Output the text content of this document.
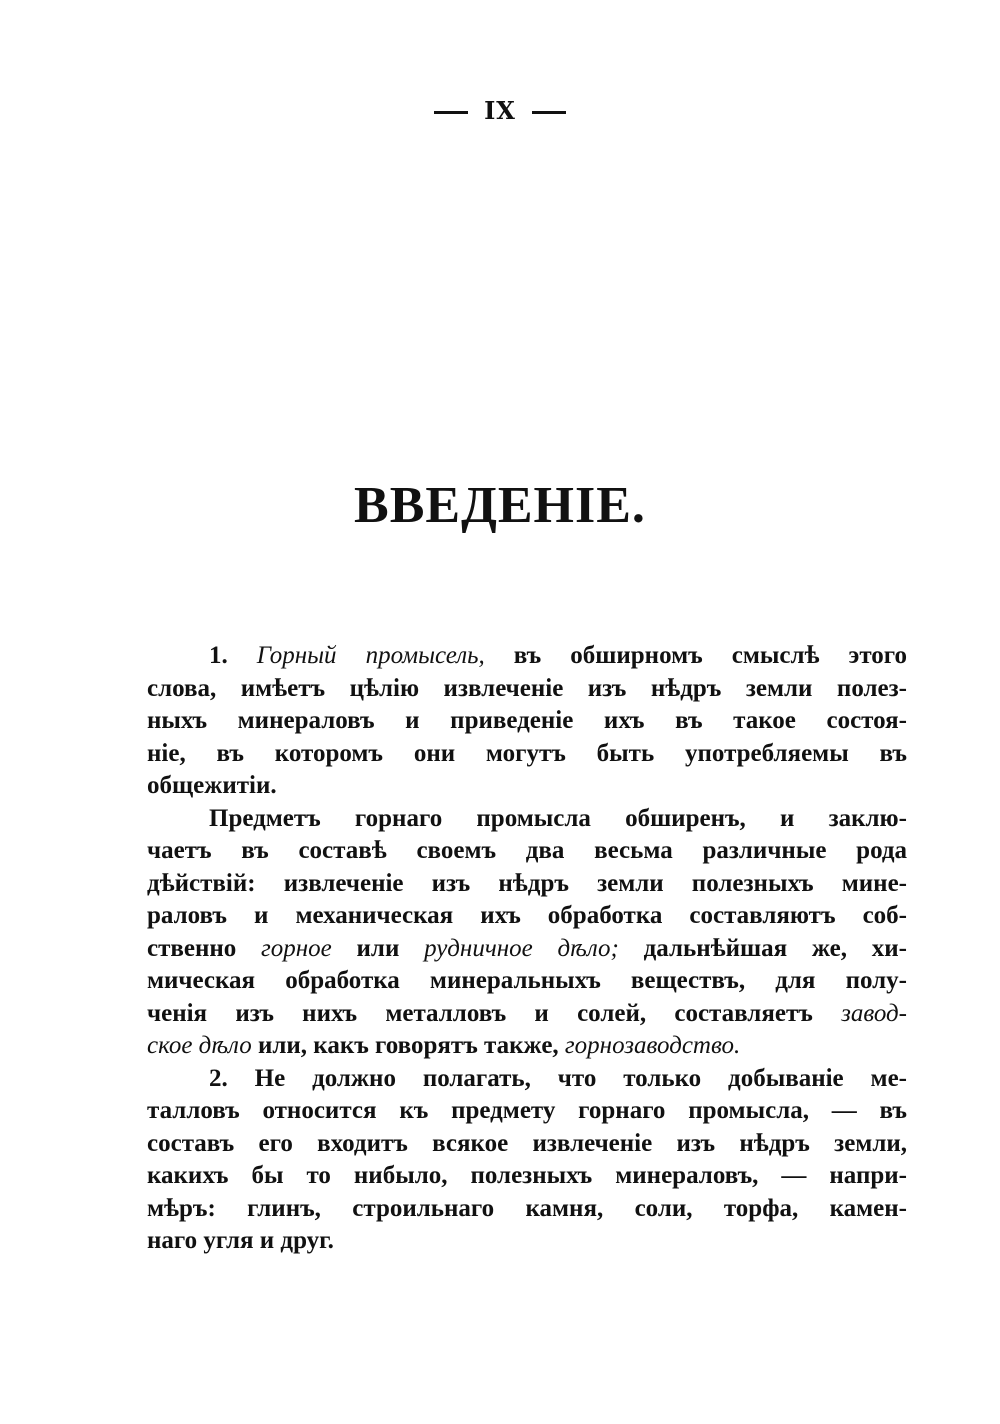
IX
ВВЕДЕНІЕ.
1. Горный промысель, въ обширномъ смыслѣ этого
слова, имѣетъ цѣлію извлеченіе изъ нѣдръ земли полез-
ныхъ минераловъ и приведеніе ихъ въ такое состоя-
ніе, въ которомъ они могутъ быть употребляемы въ
общежитіи.
Предметъ горнаго промысла обширенъ, и заклю-
чаетъ въ составѣ своемъ два весьма различные рода
дѣйствій: извлеченіе изъ нѣдръ земли полезныхъ мине-
раловъ и механическая ихъ обработка составляютъ соб-
ственно горное или рудничное дѣло; дальнѣйшая же, хи-
мическая обработка минеральныхъ веществъ, для полу-
ченія изъ нихъ металловъ и солей, составляетъ завод-
ское дѣло или, какъ говорятъ также, горнозаводство.
2. Не должно полагать, что только добываніе ме-
талловъ относится къ предмету горнаго промысла, — въ
составъ его входитъ всякое извлеченіе изъ нѣдръ земли,
какихъ бы то нибыло, полезныхъ минераловъ, — напри-
мѣръ: глинъ, строильнаго камня, соли, торфа, камен-
наго угля и друг.
